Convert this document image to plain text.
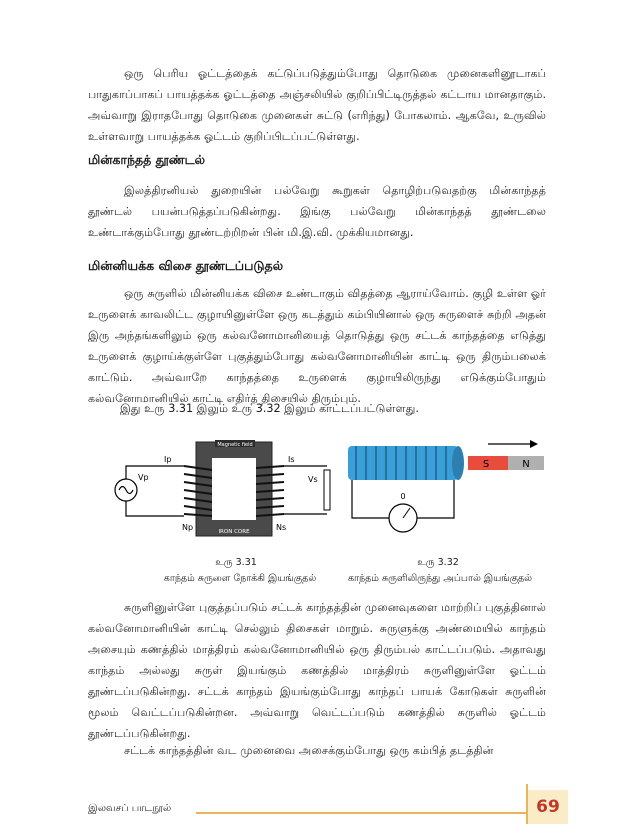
ஒரு பெரிய ஓட்டத்தைக் கட்டுப்படுத்தும்போது தொடுகை முனைகளினூடாகப் பாதுகாப்பாகப் பாயத்தக்க ஓட்டத்தை அஞ்சலியில் குறிப்பிட்டிருத்தல் கட்டாய மானதாகும். அவ்வாறு இராதபோது தொடுகை முனைகள் சுட்டு (எரிந்து) போகலாம். ஆகவே, உருவில் உள்ளவாறு பாயத்தக்க ஓட்டம் குறிப்பிடப்பட்டுள்ளது.
மின்காந்தத் தூண்டல்
இலத்திரனியல் துறையின் பல்வேறு கூறுகள் தொழிற்படுவதற்கு மின்காந்தத் தூண்டல் பயன்படுத்தப்படுகின்றது. இங்கு பல்வேறு மின்காந்தத் தூண்டலை உண்டாக்கும்போது தூண்டற்றிறன் பின் மி.இ.வி. முக்கியமானது.
மின்னியக்க விசை தூண்டப்படுதல்
ஒரு சுருளில் மின்னியக்க விசை உண்டாகும் விதத்தை ஆராய்வோம். குழி உள்ள ஓர் உருளைக் காவலிட்ட குழாயினுள்ளே ஒரு கடத்தும் கம்பியினால் ஒரு சுருளைச் சுற்றி அதன் இரு அந்தங்களிலும் ஒரு கல்வனோமானியைத் தொடுத்து ஒரு சட்டக் காந்தத்தை எடுத்து உருளைக் குழாய்க்குள்ளே புகுத்தும்போது கல்வனோமானியின் காட்டி ஒரு திரும்பலைக் காட்டும். அவ்வாறே காந்தத்தை உருளைக் குழாயிலிருந்து எடுக்கும்போதும் கல்வனோமானியில் காட்டி எதிர்த் திசையில் திரும்பும்.
இது உரு 3.31 இலும் உரு 3.32 இலும் காட்டப்பட்டுள்ளது.
Magnetic field
IRON CORE
Vp
Ip
Np
Is
Vs
Ns
S	N
0
உரு 3.31
காந்தம் சுருளை நோக்கி இயங்குதல்
உரு 3.32
காந்தம் சுருளிலிருந்து அப்பால் இயங்குதல்
சுருளினுள்ளே புகுத்தப்படும் சட்டக் காந்தத்தின் முனைவுகளை மாற்றிப் புகுத்தினால் கல்வனோமானியின் காட்டி செல்லும் திசைகள் மாறும். சுருளுக்கு அண்மையில் காந்தம் அசையும் கணத்தில் மாத்திரம் கல்வனோமானியில் ஒரு திரும்பல் காட்டப்படும். அதாவது காந்தம் அல்லது சுருள் இயங்கும் கணத்தில் மாத்திரம் சுருளினுள்ளே ஓட்டம் தூண்டப்படுகின்றது. சட்டக் காந்தம் இயங்கும்போது காந்தப் பாயக் கோடுகள் சுருளின் மூலம் வெட்டப்படுகின்றன. அவ்வாறு வெட்டப்படும் கணத்தில் சுருளில் ஓட்டம் தூண்டப்படுகின்றது.
சட்டக் காந்தத்தின் வட முனைவை அசைக்கும்போது ஒரு கம்பித் தடத்தின்
இலவசப் பாடநூல்	69
